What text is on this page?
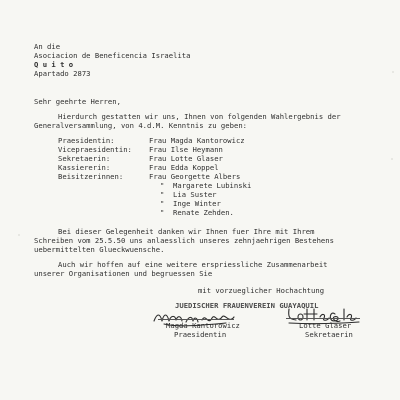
An die
Asociacion de Beneficencia Israelita
Q u i t o
Apartado 2873
Sehr geehrte Herren,
Hierdurch gestatten wir uns, Ihnen von folgenden Wahlergebnis der
Generalversammlung, von 4.d.M. Kenntnis zu geben:
Praesidentin:	Frau Magda Kantorowicz
Vicepraesidentin: Frau Ilse Heymann
Sekretaerin:	Frau Lotte Glaser
Kassiererin:	Frau Edda Koppel
Beisitzerinnen:	Frau Georgette Albers
"  Margarete Lubinski
"  Lia Suster
"  Inge Winter
"  Renate Zehden.
Bei dieser Gelegenheit danken wir Ihnen fuer Ihre mit Ihrem
Schreiben vom 25.5.50 uns anlaesslich unseres zehnjaehrigen Bestehens
uebermittelten Glueckwuensche.
Auch wir hoffen auf eine weitere erspriessliche Zusammenarbeit
unserer Organisationen und begruessen Sie
mit vorzueglicher Hochachtung
JUEDISCHER FRAUENVEREIN GUAYAQUIL
Magda Kantorowicz
Praesidentin
Lotte Glaser
Sekretaerin
